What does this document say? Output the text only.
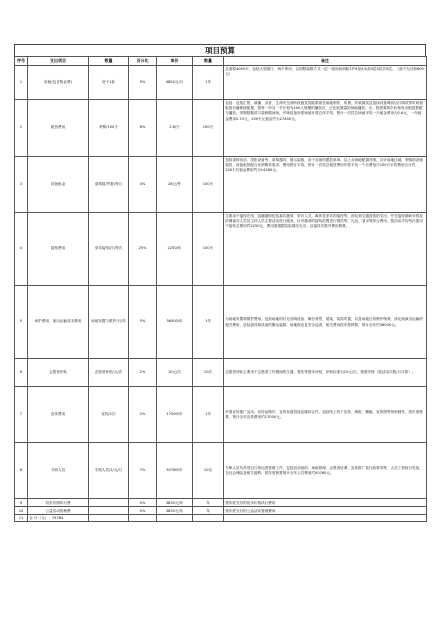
项目预算
序号	支出项目	数量	百分比	单价	数量	备注
1	房租(包含物业费)	房子1套	5%	4850元/月	1年	总面积4000平，包括大型展厅、两个库房，以别墅装修方式一层一屋房间面积1并4是4米高4层4层共5层，（面下为共积600元）
2	租赁费用	采购/100天	8%	2.6/天	100天	包括：包括汇报、演播、录音、生命安全消防设施及智能系统在场地制作，所谓、安装测试及选择设备调试运行调试等时间相配备台播系统配置，按每一份另一手计划为100人规模的播放区，已比较测量的场地播放、区、按需要和市价格发出租赁数据与播放，采购数据或与装修期间场，并调设备所需场地计算总体平均，预计一次性总场地平均一天租金费用为2.6元，一年租金费用2.74元，100天元租金约为27440元。
3	设备租金	桌椅数/件数/每月	3%	28元/件	100天	包括桌椅音乐、投影设备等、桌椅器具、展示架板，用于各场所摆放桌椅，以上各场地配置详细，共计场地区域，采购和设施租赁，设备租赁配合比例购有需求，费用预计平均，预计一次性总租赁费用年度平均一个月费用只100月平均费用合计约，100天共租金费用约为14260元。
4	接待费用	来宾接待/次/每次	25%	2250/年	100天	主要用于接待在线、直播期间包括嘉宾邀请、采访人员，媒体及来宾的接待等，涉及到交通食宿的支出，并在接待期间安排及协调嘉宾人员及主持人员主要活动进行服务，针对邀请的接待范围进行餐饮等、礼品、茶水等综合费用，按活动平均每次需用于接待总费用约2250元，费用需根据实际情况支出；以接待次数并费用核算。
5	场护费用、演出运输成本费用	场地布置与维护/月/年	5%	36000/年	1年	为场地布置和维护费用，包括场地的灯光音响设备、舞台背景、展架、装饰布置，以及场地日常维护保养，涉及到演出运输的相关费用，包括道具和设备的搬运装卸，场地保洁及安全巡查，相关费用按年度核算，预计全年约36000元。
6	志愿者补贴	志愿者补贴/元/次	2%	10元/次	10次	志愿者补贴主要用于志愿者工作期间的交通、餐饮等基本补贴，补贴标准为10元/次，按需安排（按活动次数/月计算）。
7	宣传费用	宣传/1次	2%	17000/年	1年	开展宣传推广活动，宣传品制作、宣传渠道投放及媒体合作，包括线上线下宣传、海报、横幅、宣传册等物料制作，按年度核算，预计全年宣传费用约17000元。
8	专职人员	专职人员/1/元/月	7%	50760/年	10名	专职人员负责项目日常运营管理工作，包括活动组织、场地管理、志愿者协调、宣传推广及行政事务等，人员工资按月发放，含社会保险及相关福利，按年度核算预计全年人员费用约50760元。
9	初步价格执行费		5%	3835元/年	年	按年度支付的初步价格执行费用
10	公益活动管理费		5%	3835元/年	年	按年度支付的公益活动管理费用
11	合 计（元）：79784					
